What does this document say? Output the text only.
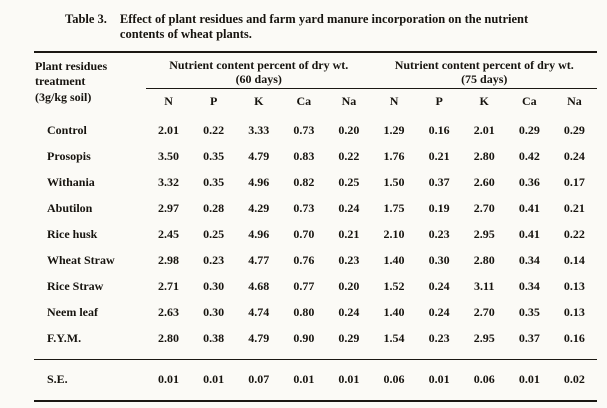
Table 3. Effect of plant residues and farm yard manure incorporation on the nutrient contents of wheat plants.
Plant residues
treatment
(3g/kg soil)

Nutrient content percent of dry wt.
(60 days)

Nutrient content percent of dry wt.
(75 days)

	N	P	K	Ca	Na	N	P	K	Ca	Na
Control	2.01	0.22	3.33	0.73	0.20	1.29	0.16	2.01	0.29	0.29
Prosopis	3.50	0.35	4.79	0.83	0.22	1.76	0.21	2.80	0.42	0.24
Withania	3.32	0.35	4.96	0.82	0.25	1.50	0.37	2.60	0.36	0.17
Abutilon	2.97	0.28	4.29	0.73	0.24	1.75	0.19	2.70	0.41	0.21
Rice husk	2.45	0.25	4.96	0.70	0.21	2.10	0.23	2.95	0.41	0.22
Wheat Straw	2.98	0.23	4.77	0.76	0.23	1.40	0.30	2.80	0.34	0.14
Rice Straw	2.71	0.30	4.68	0.77	0.20	1.52	0.24	3.11	0.34	0.13
Neem leaf	2.63	0.30	4.74	0.80	0.24	1.40	0.24	2.70	0.35	0.13
F.Y.M.	2.80	0.38	4.79	0.90	0.29	1.54	0.23	2.95	0.37	0.16
S.E.	0.01	0.01	0.07	0.01	0.01	0.06	0.01	0.06	0.01	0.02
